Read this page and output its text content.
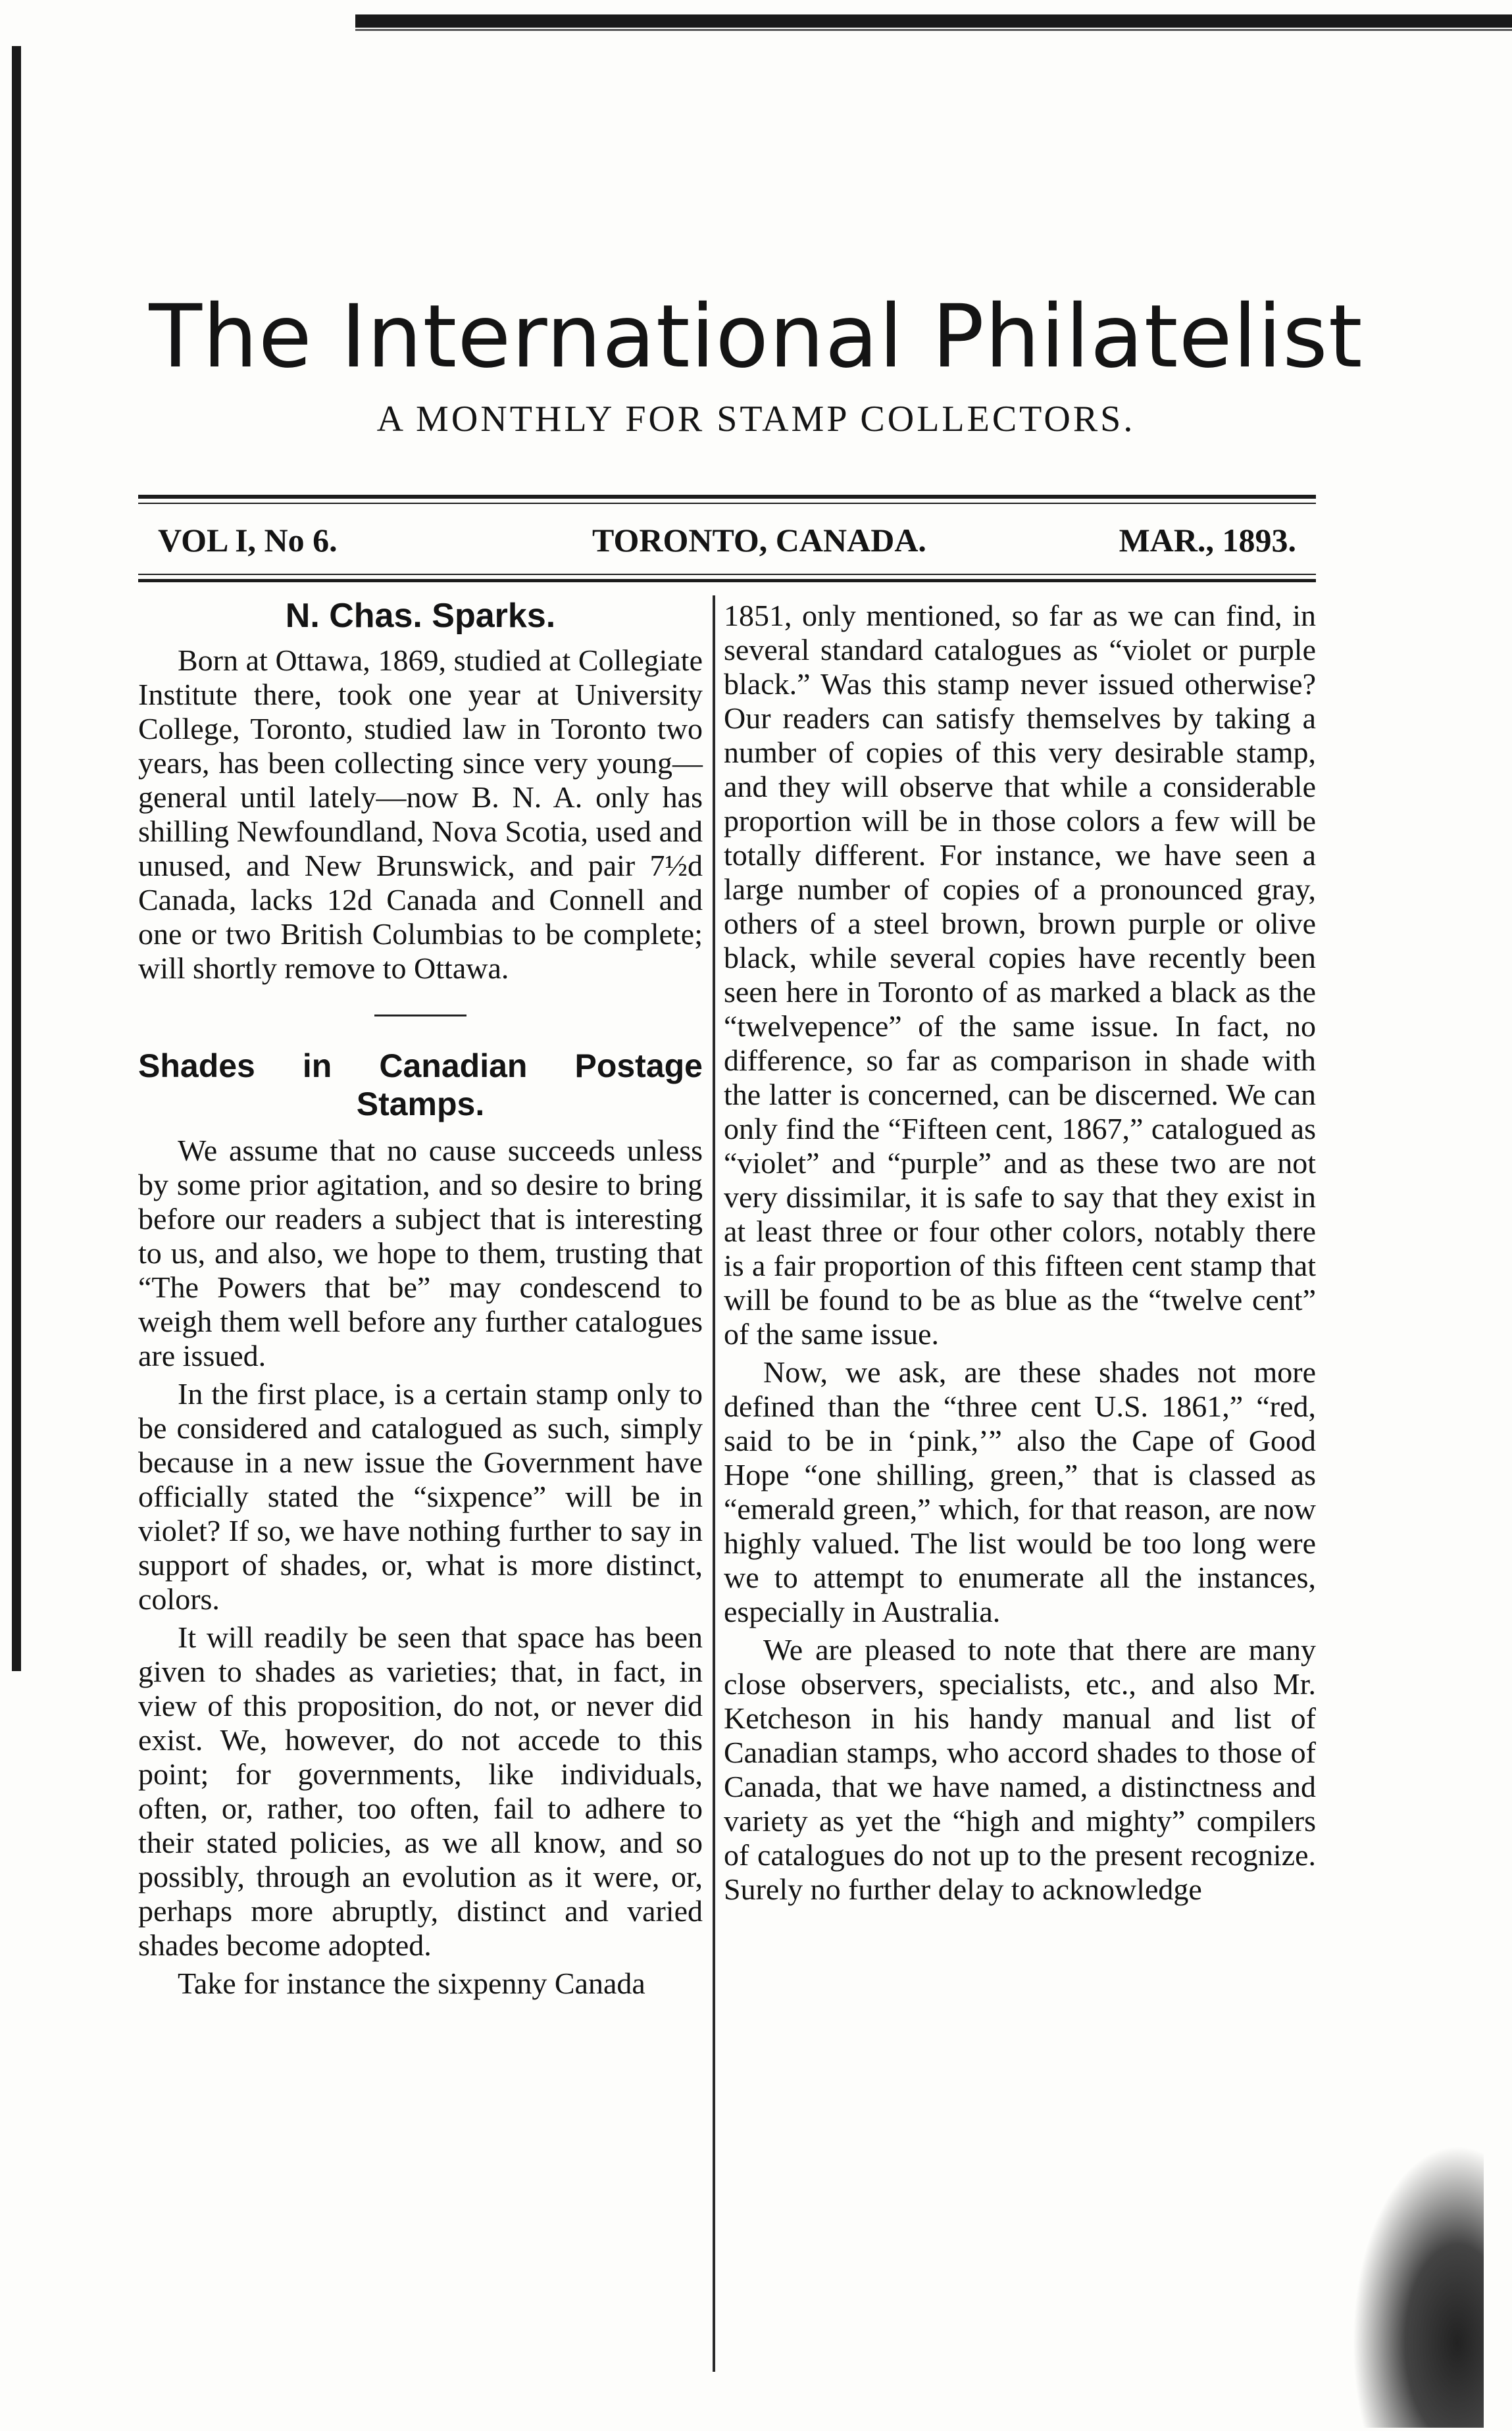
The International Philatelist
A MONTHLY FOR STAMP COLLECTORS.
VOL I, No 6.	TORONTO, CANADA.	MAR., 1893.
N. Chas. Sparks.

Born at Ottawa, 1869, studied at Collegiate Institute there, took one year at University College, Toronto, studied law in Toronto two years, has been collecting since very young—general until lately—now B. N. A. only has shilling Newfoundland, Nova Scotia, used and unused, and New Brunswick, and pair 7½d Canada, lacks 12d Canada and Connell and one or two British Columbias to be complete; will shortly remove to Ottawa.

Shades in Canadian Postage Stamps.

We assume that no cause succeeds unless by some prior agitation, and so desire to bring before our readers a subject that is interesting to us, and also, we hope to them, trusting that “The Powers that be” may condescend to weigh them well before any further catalogues are issued.

In the first place, is a certain stamp only to be considered and catalogued as such, simply because in a new issue the Government have officially stated the “sixpence” will be in violet? If so, we have nothing further to say in support of shades, or, what is more distinct, colors.

It will readily be seen that space has been given to shades as varieties; that, in fact, in view of this proposition, do not, or never did exist. We, however, do not accede to this point; for governments, like individuals, often, or, rather, too often, fail to adhere to their stated policies, as we all know, and so possibly, through an evolution as it were, or, perhaps more abruptly, distinct and varied shades become adopted.

Take for instance the sixpenny Canada

1851, only mentioned, so far as we can find, in several standard catalogues as “violet or purple black.” Was this stamp never issued otherwise? Our readers can satisfy themselves by taking a number of copies of this very desirable stamp, and they will observe that while a considerable proportion will be in those colors a few will be totally different. For instance, we have seen a large number of copies of a pronounced gray, others of a steel brown, brown purple or olive black, while several copies have recently been seen here in Toronto of as marked a black as the “twelvepence” of the same issue. In fact, no difference, so far as comparison in shade with the latter is concerned, can be discerned. We can only find the “Fifteen cent, 1867,” catalogued as “violet” and “purple” and as these two are not very dissimilar, it is safe to say that they exist in at least three or four other colors, notably there is a fair proportion of this fifteen cent stamp that will be found to be as blue as the “twelve cent” of the same issue.

Now, we ask, are these shades not more defined than the “three cent U.S. 1861,” “red, said to be in ‘pink,’” also the Cape of Good Hope “one shilling, green,” that is classed as “emerald green,” which, for that reason, are now highly valued. The list would be too long were we to attempt to enumerate all the instances, especially in Australia.

We are pleased to note that there are many close observers, specialists, etc., and also Mr. Ketcheson in his handy manual and list of Canadian stamps, who accord shades to those of Canada, that we have named, a distinctness and variety as yet the “high and mighty” compilers of catalogues do not up to the present recognize. Surely no further delay to acknowledge
